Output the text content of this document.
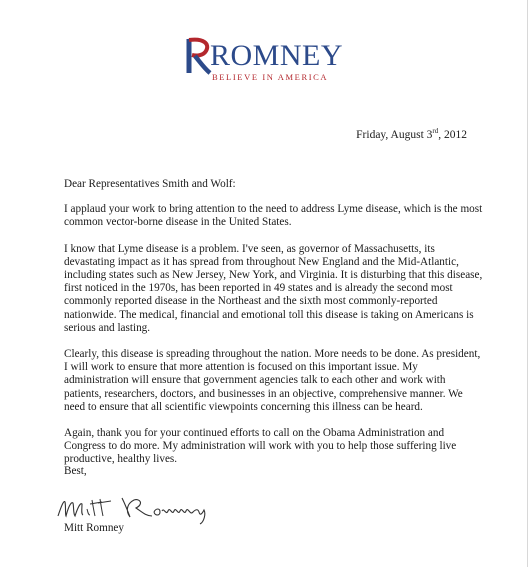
ROMNEY
BELIEVE IN AMERICA
Friday, August 3rd, 2012

Dear Representatives Smith and Wolf:

I applaud your work to bring attention to the need to address Lyme disease, which is the most common vector-borne disease in the United States.

I know that Lyme disease is a problem. I've seen, as governor of Massachusetts, its devastating impact as it has spread from throughout New England and the Mid-Atlantic, including states such as New Jersey, New York, and Virginia. It is disturbing that this disease, first noticed in the 1970s, has been reported in 49 states and is already the second most commonly reported disease in the Northeast and the sixth most commonly-reported nationwide. The medical, financial and emotional toll this disease is taking on Americans is serious and lasting.

Clearly, this disease is spreading throughout the nation. More needs to be done. As president, I will work to ensure that more attention is focused on this important issue. My administration will ensure that government agencies talk to each other and work with patients, researchers, doctors, and businesses in an objective, comprehensive manner. We need to ensure that all scientific viewpoints concerning this illness can be heard.

Again, thank you for your continued efforts to call on the Obama Administration and Congress to do more. My administration will work with you to help those suffering live productive, healthy lives.

Best,
Mitt Romney
